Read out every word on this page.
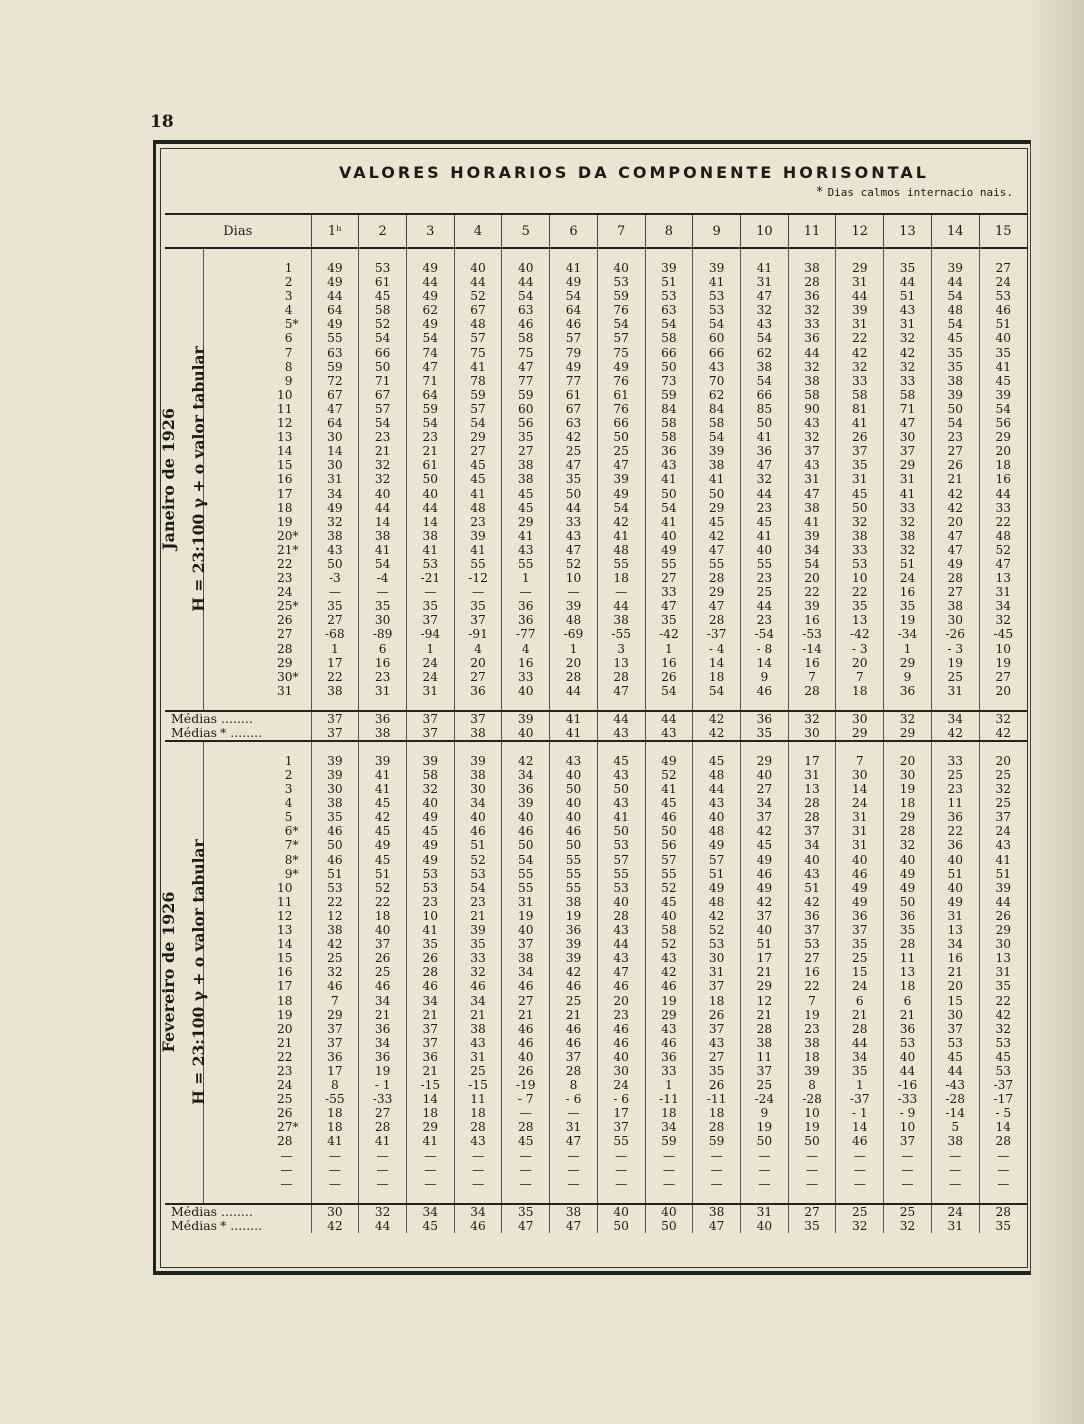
18
VALORES HORARIOS DA COMPONENTE HORISONTAL
* Dias calmos internacio nais.
Dias		1ʰ	2	3	4	5	6	7	8	9	10	11	12	13	14	15

Janeiro de 1926 H = 23:100 γ + o valor tabular																

	1	49	53	49	40	40	41	40	39	39	41	38	29	35	39	27
	2	49	61	44	44	44	49	53	51	41	31	28	31	44	44	24
	3	44	45	49	52	54	54	59	53	53	47	36	44	51	54	53
	4	64	58	62	67	63	64	76	63	53	32	32	39	43	48	46
	5*	49	52	49	48	46	46	54	54	54	43	33	31	31	54	51
	6	55	54	54	57	58	57	57	58	60	54	36	22	32	45	40
	7	63	66	74	75	75	79	75	66	66	62	44	42	42	35	35
	8	59	50	47	41	47	49	49	50	43	38	32	32	32	35	41
	9	72	71	71	78	77	77	76	73	70	54	38	33	33	38	45
	10	67	67	64	59	59	61	61	59	62	66	58	58	58	39	39
	11	47	57	59	57	60	67	76	84	84	85	90	81	71	50	54
	12	64	54	54	54	56	63	66	58	58	50	43	41	47	54	56
	13	30	23	23	29	35	42	50	58	54	41	32	26	30	23	29
	14	14	21	21	27	27	25	25	36	39	36	37	37	37	27	20
	15	30	32	61	45	38	47	47	43	38	47	43	35	29	26	18
	16	31	32	50	45	38	35	39	41	41	32	31	31	31	21	16
	17	34	40	40	41	45	50	49	50	50	44	47	45	41	42	44
	18	49	44	44	48	45	44	54	54	29	23	38	50	33	42	33
	19	32	14	14	23	29	33	42	41	45	45	41	32	32	20	22
	20*	38	38	38	39	41	43	41	40	42	41	39	38	38	47	48
	21*	43	41	41	41	43	47	48	49	47	40	34	33	32	47	52
	22	50	54	53	55	55	52	55	55	55	55	54	53	51	49	47
	23	-3	-4	-21	-12	1	10	18	27	28	23	20	10	24	28	13
	24	—	—	—	—	—	—	—	33	29	25	22	22	16	27	31
	25*	35	35	35	35	36	39	44	47	47	44	39	35	35	38	34
	26	27	30	37	37	36	48	38	35	28	23	16	13	19	30	32
	27	-68	-89	-94	-91	-77	-69	-55	-42	-37	-54	-53	-42	-34	-26	-45
	28	1	6	1	4	4	1	3	1	- 4	- 8	-14	- 3	1	- 3	10
	29	17	16	24	20	16	20	13	16	14	14	16	20	29	19	19
	30*	22	23	24	27	33	28	28	26	18	9	7	7	9	25	27
	31	38	31	31	36	40	44	47	54	54	46	28	18	36	31	20

Médias ........		37	36	37	37	39	41	44	44	42	36	32	30	32	34	32
Médias * ........		37	38	37	38	40	41	43	43	42	35	30	29	29	42	42

Fevereiro de 1926 H = 23:100 γ + o valor tabular																

	1	39	39	39	39	42	43	45	49	45	29	17	7	20	33	20
	2	39	41	58	38	34	40	43	52	48	40	31	30	30	25	25
	3	30	41	32	30	36	50	50	41	44	27	13	14	19	23	32
	4	38	45	40	34	39	40	43	45	43	34	28	24	18	11	25
	5	35	42	49	40	40	40	41	46	40	37	28	31	29	36	37
	6*	46	45	45	46	46	46	50	50	48	42	37	31	28	22	24
	7*	50	49	49	51	50	50	53	56	49	45	34	31	32	36	43
	8*	46	45	49	52	54	55	57	57	57	49	40	40	40	40	41
	9*	51	51	53	53	55	55	55	55	51	46	43	46	49	51	51
	10	53	52	53	54	55	55	53	52	49	49	51	49	49	40	39
	11	22	22	23	23	31	38	40	45	48	42	42	49	50	49	44
	12	12	18	10	21	19	19	28	40	42	37	36	36	36	31	26
	13	38	40	41	39	40	36	43	58	52	40	37	37	35	13	29
	14	42	37	35	35	37	39	44	52	53	51	53	35	28	34	30
	15	25	26	26	33	38	39	43	43	30	17	27	25	11	16	13
	16	32	25	28	32	34	42	47	42	31	21	16	15	13	21	31
	17	46	46	46	46	46	46	46	46	37	29	22	24	18	20	35
	18	7	34	34	34	27	25	20	19	18	12	7	6	6	15	22
	19	29	21	21	21	21	21	23	29	26	21	19	21	21	30	42
	20	37	36	37	38	46	46	46	43	37	28	23	28	36	37	32
	21	37	34	37	43	46	46	46	46	43	38	38	44	53	53	53
	22	36	36	36	31	40	37	40	36	27	11	18	34	40	45	45
	23	17	19	21	25	26	28	30	33	35	37	39	35	44	44	53
	24	8	- 1	-15	-15	-19	8	24	1	26	25	8	1	-16	-43	-37
	25	-55	-33	14	11	- 7	- 6	- 6	-11	-11	-24	-28	-37	-33	-28	-17
	26	18	27	18	18	—	—	17	18	18	9	10	- 1	- 9	-14	- 5
	27*	18	28	29	28	28	31	37	34	28	19	19	14	10	5	14
	28	41	41	41	43	45	47	55	59	59	50	50	46	37	38	28
	—	—	—	—	—	—	—	—	—	—	—	—	—	—	—	—
	—	—	—	—	—	—	—	—	—	—	—	—	—	—	—	—
	—	—	—	—	—	—	—	—	—	—	—	—	—	—	—	—

Médias ........		30	32	34	34	35	38	40	40	38	31	27	25	25	24	28
Médias * ........		42	44	45	46	47	47	50	50	47	40	35	32	32	31	35
